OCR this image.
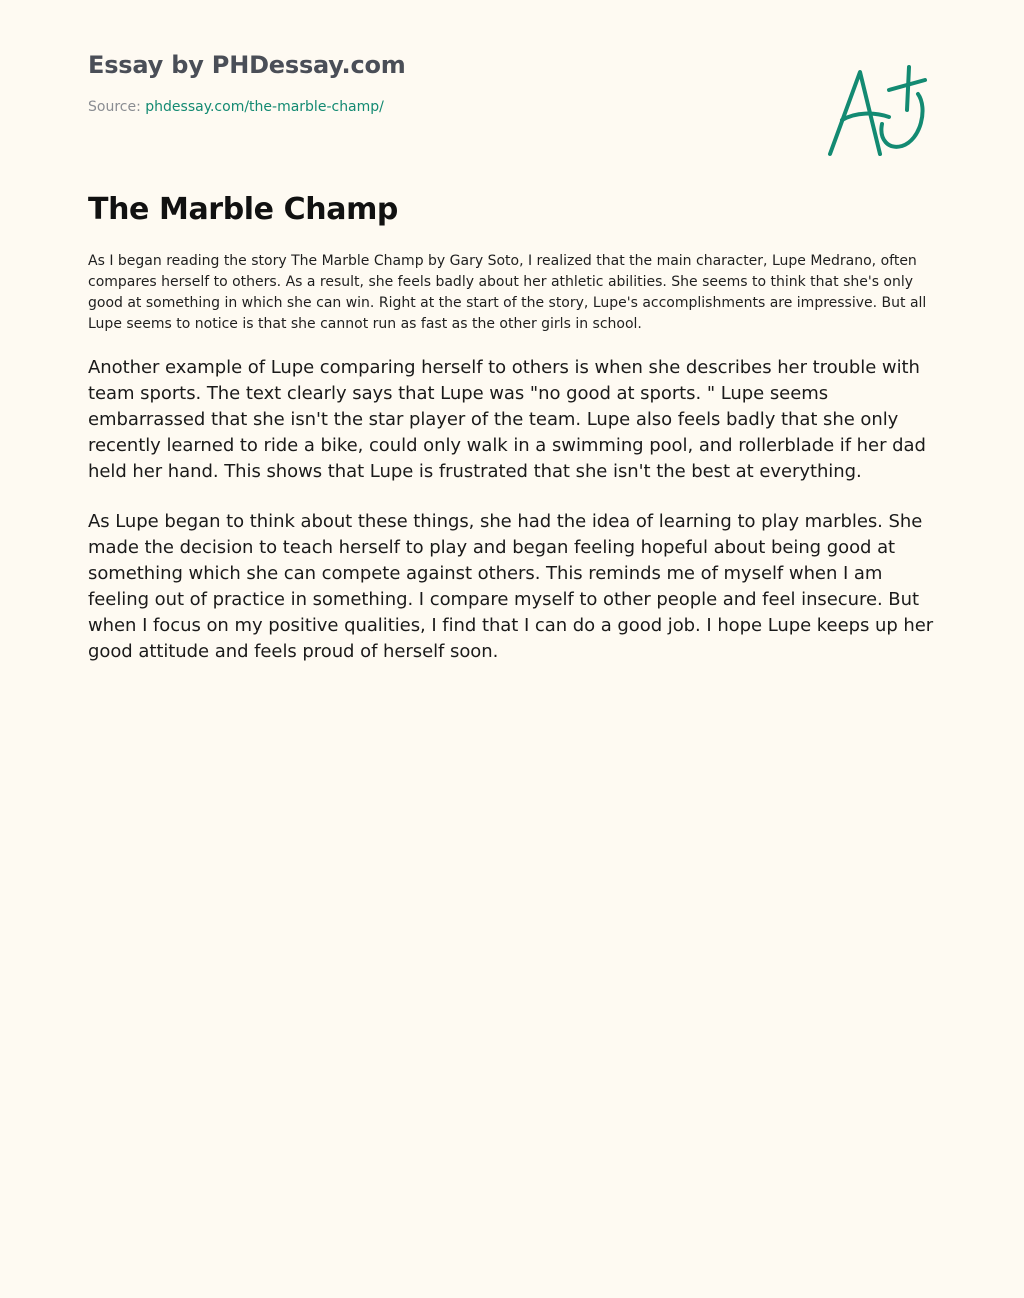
Essay by PHDessay.com
Source: phdessay.com/the-marble-champ/
The Marble Champ

As I began reading the story The Marble Champ by Gary Soto, I realized that the main character, Lupe Medrano, often compares herself to others. As a result, she feels badly about her athletic abilities. She seems to think that she's only good at something in which she can win. Right at the start of the story, Lupe's accomplishments are impressive. But all Lupe seems to notice is that she cannot run as fast as the other girls in school.

Another example of Lupe comparing herself to others is when she describes her trouble with team sports. The text clearly says that Lupe was "no good at sports. " Lupe seems embarrassed that she isn't the star player of the team. Lupe also feels badly that she only recently learned to ride a bike, could only walk in a swimming pool, and rollerblade if her dad held her hand. This shows that Lupe is frustrated that she isn't the best at everything.

As Lupe began to think about these things, she had the idea of learning to play marbles. She made the decision to teach herself to play and began feeling hopeful about being good at something which she can compete against others. This reminds me of myself when I am feeling out of practice in something. I compare myself to other people and feel insecure. But when I focus on my positive qualities, I find that I can do a good job. I hope Lupe keeps up her good attitude and feels proud of herself soon.
